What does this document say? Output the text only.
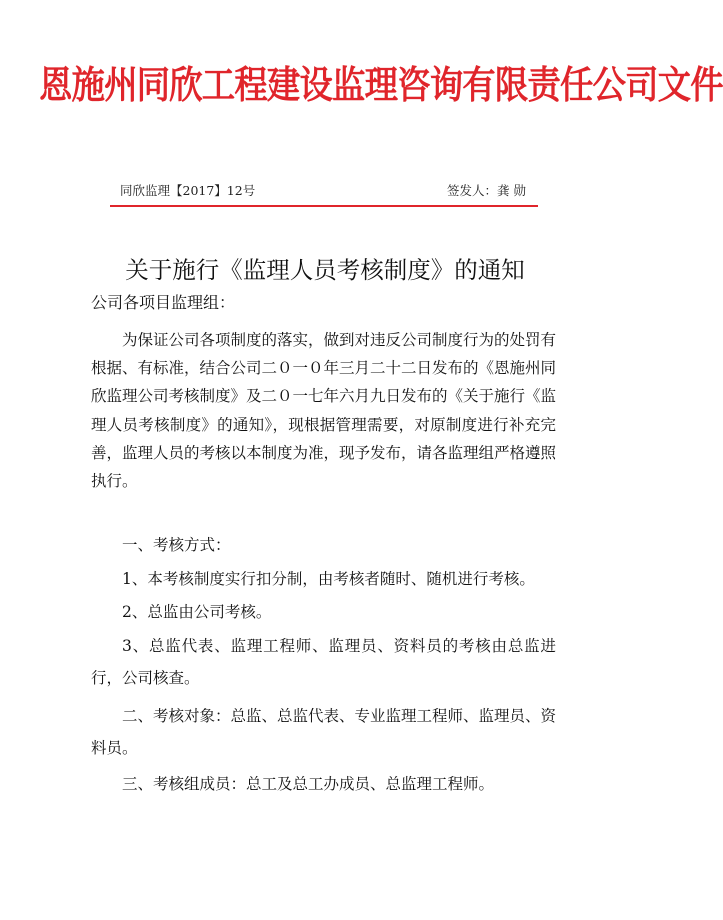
恩施州同欣工程建设监理咨询有限责任公司文件
同欣监理【2017】12号	签发人：龚 勋
关于施行《监理人员考核制度》的通知
公司各项目监理组：
为保证公司各项制度的落实，做到对违反公司制度行为的处罚有根据、有标准，结合公司二０一０年三月二十二日发布的《恩施州同欣监理公司考核制度》及二０一七年六月九日发布的《关于施行《监理人员考核制度》的通知》，现根据管理需要，对原制度进行补充完善，监理人员的考核以本制度为准，现予发布，请各监理组严格遵照执行。
一、考核方式：
1、本考核制度实行扣分制，由考核者随时、随机进行考核。
2、总监由公司考核。
3、总监代表、监理工程师、监理员、资料员的考核由总监进行，公司核查。
二、考核对象：总监、总监代表、专业监理工程师、监理员、资料员。
三、考核组成员：总工及总工办成员、总监理工程师。
